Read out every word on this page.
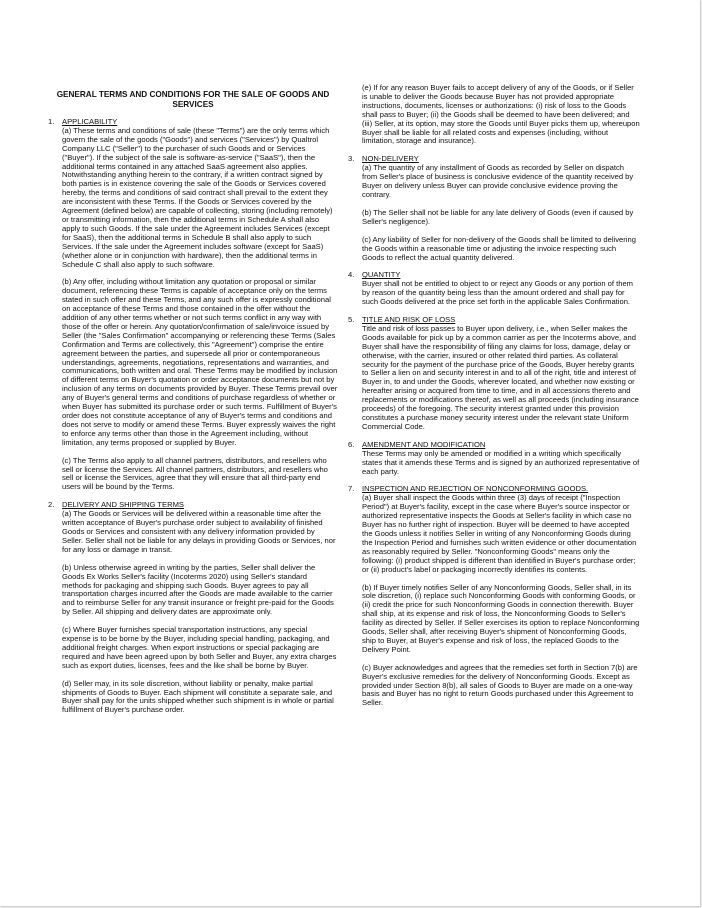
GENERAL TERMS AND CONDITIONS FOR THE SALE OF GOODS AND SERVICES
1. APPLICABILITY

(a) These terms and conditions of sale (these "Terms") are the only terms which govern the sale of the goods ("Goods") and services ("Services") by Qualtrol Company LLC ("Seller") to the purchaser of such Goods and or Services ("Buyer"). If the subject of the sale is software-as-service ("SaaS"), then the additional terms contained in any attached SaaS agreement also applies. Notwithstanding anything herein to the contrary, if a written contract signed by both parties is in existence covering the sale of the Goods or Services covered hereby, the terms and conditions of said contract shall prevail to the extent they are inconsistent with these Terms. If the Goods or Services covered by the Agreement (defined below) are capable of collecting, storing (including remotely) or transmitting information, then the additional terms in Schedule A shall also apply to such Goods. If the sale under the Agreement includes Services (except for SaaS), then the additional terms in Schedule B shall also apply to such Services. If the sale under the Agreement includes software (except for SaaS) (whether alone or in conjunction with hardware), then the additional terms in Schedule C shall also apply to such software.

(b) Any offer, including without limitation any quotation or proposal or similar document, referencing these Terms is capable of acceptance only on the terms stated in such offer and these Terms, and any such offer is expressly conditional on acceptance of these Terms and those contained in the offer without the addition of any other terms whether or not such terms conflict in any way with those of the offer or herein. Any quotation/confirmation of sale/invoice issued by Seller (the "Sales Confirmation" accompanying or referencing these Terms (Sales Confirmation and Terms are collectively, this "Agreement") comprise the entire agreement between the parties, and supersede all prior or contemporaneous understandings, agreements, negotiations, representations and warranties, and communications, both written and oral. These Terms may be modified by inclusion of different terms on Buyer's quotation or order acceptance documents but not by inclusion of any terms on documents provided by Buyer. These Terms prevail over any of Buyer's general terms and conditions of purchase regardless of whether or when Buyer has submitted its purchase order or such terms. Fulfillment of Buyer's order does not constitute acceptance of any of Buyer's terms and conditions and does not serve to modify or amend these Terms. Buyer expressly waives the right to enforce any terms other than those in the Agreement including, without limitation, any terms proposed or supplied by Buyer.

(c) The Terms also apply to all channel partners, distributors, and resellers who sell or license the Services. All channel partners, distributors, and resellers who sell or license the Services, agree that they will ensure that all third-party end users will be bound by the Terms.

2. DELIVERY AND SHIPPING TERMS

(a) The Goods or Services will be delivered within a reasonable time after the written acceptance of Buyer's purchase order subject to availability of finished Goods or Services and consistent with any delivery information provided by Seller. Seller shall not be liable for any delays in providing Goods or Services, nor for any loss or damage in transit.

(b) Unless otherwise agreed in writing by the parties, Seller shall deliver the Goods Ex Works Seller's facility (Incoterms 2020) using Seller's standard methods for packaging and shipping such Goods. Buyer agrees to pay all transportation charges incurred after the Goods are made available to the carrier and to reimburse Seller for any transit insurance or freight pre-paid for the Goods by Seller. All shipping and delivery dates are approximate only.

(c) Where Buyer furnishes special transportation instructions, any special expense is to be borne by the Buyer, including special handling, packaging, and additional freight charges. When export instructions or special packaging are required and have been agreed upon by both Seller and Buyer, any extra charges such as export duties, licenses, fees and the like shall be borne by Buyer.

(d) Seller may, in its sole discretion, without liability or penalty, make partial shipments of Goods to Buyer. Each shipment will constitute a separate sale, and Buyer shall pay for the units shipped whether such shipment is in whole or partial fulfillment of Buyer's purchase order.

(e) If for any reason Buyer fails to accept delivery of any of the Goods, or if Seller is unable to deliver the Goods because Buyer has not provided appropriate instructions, documents, licenses or authorizations: (i) risk of loss to the Goods shall pass to Buyer; (ii) the Goods shall be deemed to have been delivered; and (iii) Seller, at its option, may store the Goods until Buyer picks them up, whereupon Buyer shall be liable for all related costs and expenses (including, without limitation, storage and insurance).

3. NON-DELIVERY

(a) The quantity of any installment of Goods as recorded by Seller on dispatch from Seller's place of business is conclusive evidence of the quantity received by Buyer on delivery unless Buyer can provide conclusive evidence proving the contrary.

(b) The Seller shall not be liable for any late delivery of Goods (even if caused by Seller's negligence).

(c) Any liability of Seller for non-delivery of the Goods shall be limited to delivering the Goods within a reasonable time or adjusting the invoice respecting such Goods to reflect the actual quantity delivered.

4. QUANTITY

Buyer shall not be entitled to object to or reject any Goods or any portion of them by reason of the quantity being less than the amount ordered and shall pay for such Goods delivered at the price set forth in the applicable Sales Confirmation.

5. TITLE AND RISK OF LOSS

Title and risk of loss passes to Buyer upon delivery, i.e., when Seller makes the Goods available for pick up by a common carrier as per the Incoterms above, and Buyer shall have the responsibility of filing any claims for loss, damage, delay or otherwise, with the carrier, insured or other related third parties. As collateral security for the payment of the purchase price of the Goods, Buyer hereby grants to Seller a lien on and security interest in and to all of the right, title and interest of Buyer in, to and under the Goods, wherever located, and whether now existing or hereafter arising or acquired from time to time, and in all accessions thereto and replacements or modifications thereof, as well as all proceeds (including insurance proceeds) of the foregoing. The security interest granted under this provision constitutes a purchase money security interest under the relevant state Uniform Commercial Code.

6. AMENDMENT AND MODIFICATION

These Terms may only be amended or modified in a writing which specifically states that it amends these Terms and is signed by an authorized representative of each party.

7. INSPECTION AND REJECTION OF NONCONFORMING GOODS.

(a) Buyer shall inspect the Goods within three (3) days of receipt ("Inspection Period") at Buyer's facility, except in the case where Buyer's source inspector or authorized representative inspects the Goods at Seller's facility in which case no Buyer has no further right of inspection. Buyer will be deemed to have accepted the Goods unless it notifies Seller in writing of any Nonconforming Goods during the Inspection Period and furnishes such written evidence or other documentation as reasonably required by Seller. "Nonconforming Goods" means only the following: (i) product shipped is different than identified in Buyer's purchase order; or (ii) product's label or packaging incorrectly identifies its contents.

(b) If Buyer timely notifies Seller of any Nonconforming Goods, Seller shall, in its sole discretion, (i) replace such Nonconforming Goods with conforming Goods, or (ii) credit the price for such Nonconforming Goods in connection therewith. Buyer shall ship, at its expense and risk of loss, the Nonconforming Goods to Seller's facility as directed by Seller. If Seller exercises its option to replace Nonconforming Goods, Seller shall, after receiving Buyer's shipment of Nonconforming Goods, ship to Buyer, at Buyer's expense and risk of loss, the replaced Goods to the Delivery Point.

(c) Buyer acknowledges and agrees that the remedies set forth in Section 7(b) are Buyer's exclusive remedies for the delivery of Nonconforming Goods. Except as provided under Section 8(b), all sales of Goods to Buyer are made on a one-way basis and Buyer has no right to return Goods purchased under this Agreement to Seller.
